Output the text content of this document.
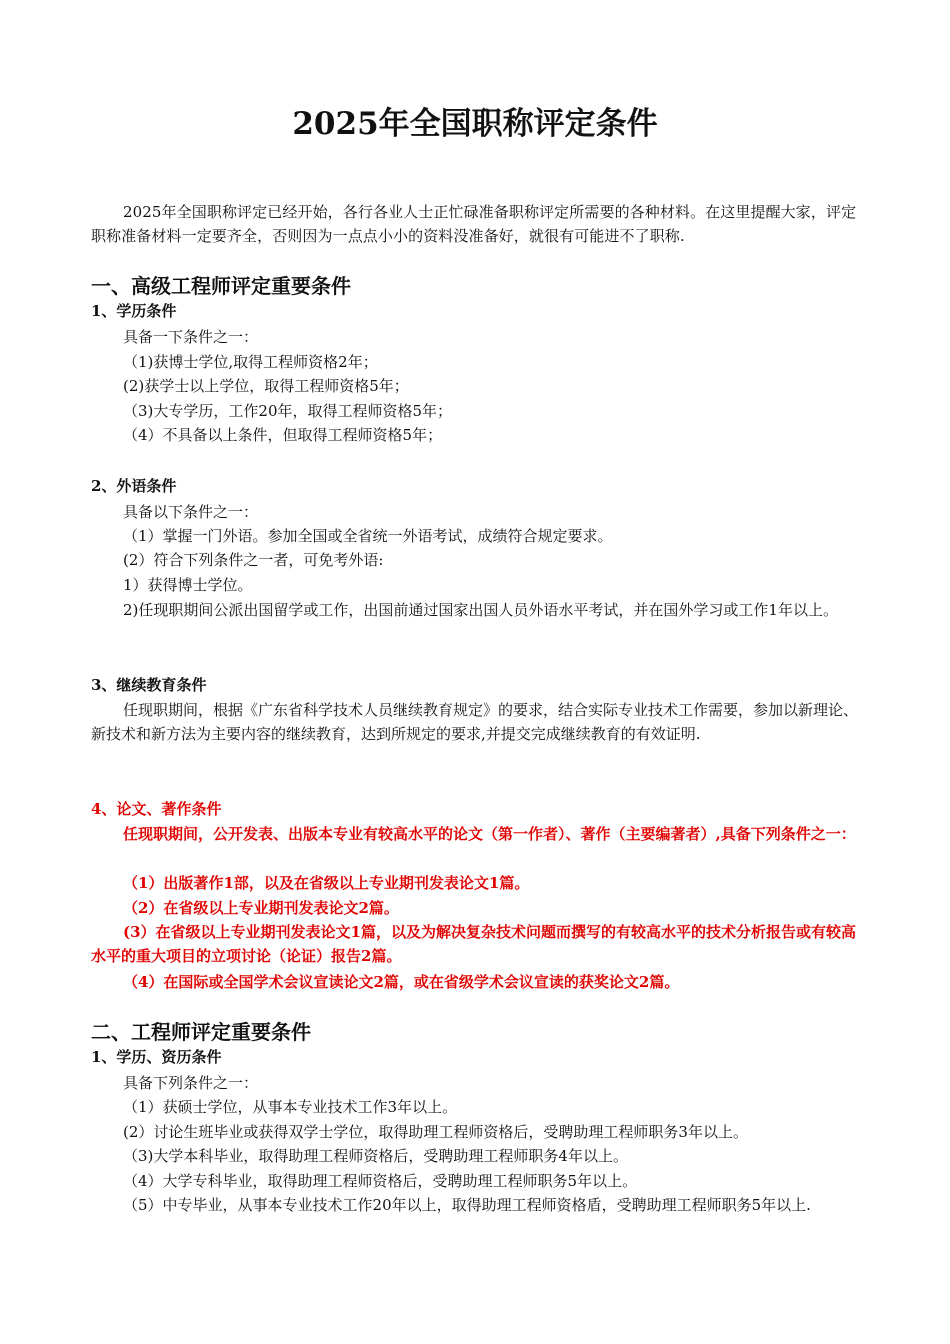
2025年全国职称评定条件
2025年全国职称评定已经开始，各行各业人士正忙碌准备职称评定所需要的各种材料。在这里提醒大家，评定职称准备材料一定要齐全，否则因为一点点小小的资料没准备好，就很有可能进不了职称.
一、高级工程师评定重要条件
1、学历条件
具备一下条件之一：
（1)获博士学位,取得工程师资格2年；
(2)获学士以上学位，取得工程师资格5年；
（3)大专学历，工作20年，取得工程师资格5年；
（4）不具备以上条件，但取得工程师资格5年；
2、外语条件
具备以下条件之一：
（1）掌握一门外语。参加全国或全省统一外语考试，成绩符合规定要求。
(2）符合下列条件之一者，可免考外语:
1）获得博士学位。
2)任现职期间公派出国留学或工作，出国前通过国家出国人员外语水平考试，并在国外学习或工作1年以上。
3、继续教育条件
任现职期间，根据《广东省科学技术人员继续教育规定》的要求，结合实际专业技术工作需要，参加以新理论、新技术和新方法为主要内容的继续教育，达到所规定的要求,并提交完成继续教育的有效证明.
4、论文、著作条件
任现职期间，公开发表、出版本专业有较高水平的论文（第一作者）、著作（主要编著者）,具备下列条件之一：
（1）出版著作1部，以及在省级以上专业期刊发表论文1篇。
（2）在省级以上专业期刊发表论文2篇。
(3）在省级以上专业期刊发表论文1篇，以及为解决复杂技术问题而撰写的有较高水平的技术分析报告或有较高水平的重大项目的立项讨论（论证）报告2篇。
（4）在国际或全国学术会议宣读论文2篇，或在省级学术会议宣读的获奖论文2篇。
二、工程师评定重要条件
1、学历、资历条件
具备下列条件之一：
（1）获硕士学位，从事本专业技术工作3年以上。
(2）讨论生班毕业或获得双学士学位，取得助理工程师资格后，受聘助理工程师职务3年以上。
（3)大学本科毕业，取得助理工程师资格后，受聘助理工程师职务4年以上。
（4）大学专科毕业，取得助理工程师资格后，受聘助理工程师职务5年以上。
（5）中专毕业，从事本专业技术工作20年以上，取得助理工程师资格盾，受聘助理工程师职务5年以上.
